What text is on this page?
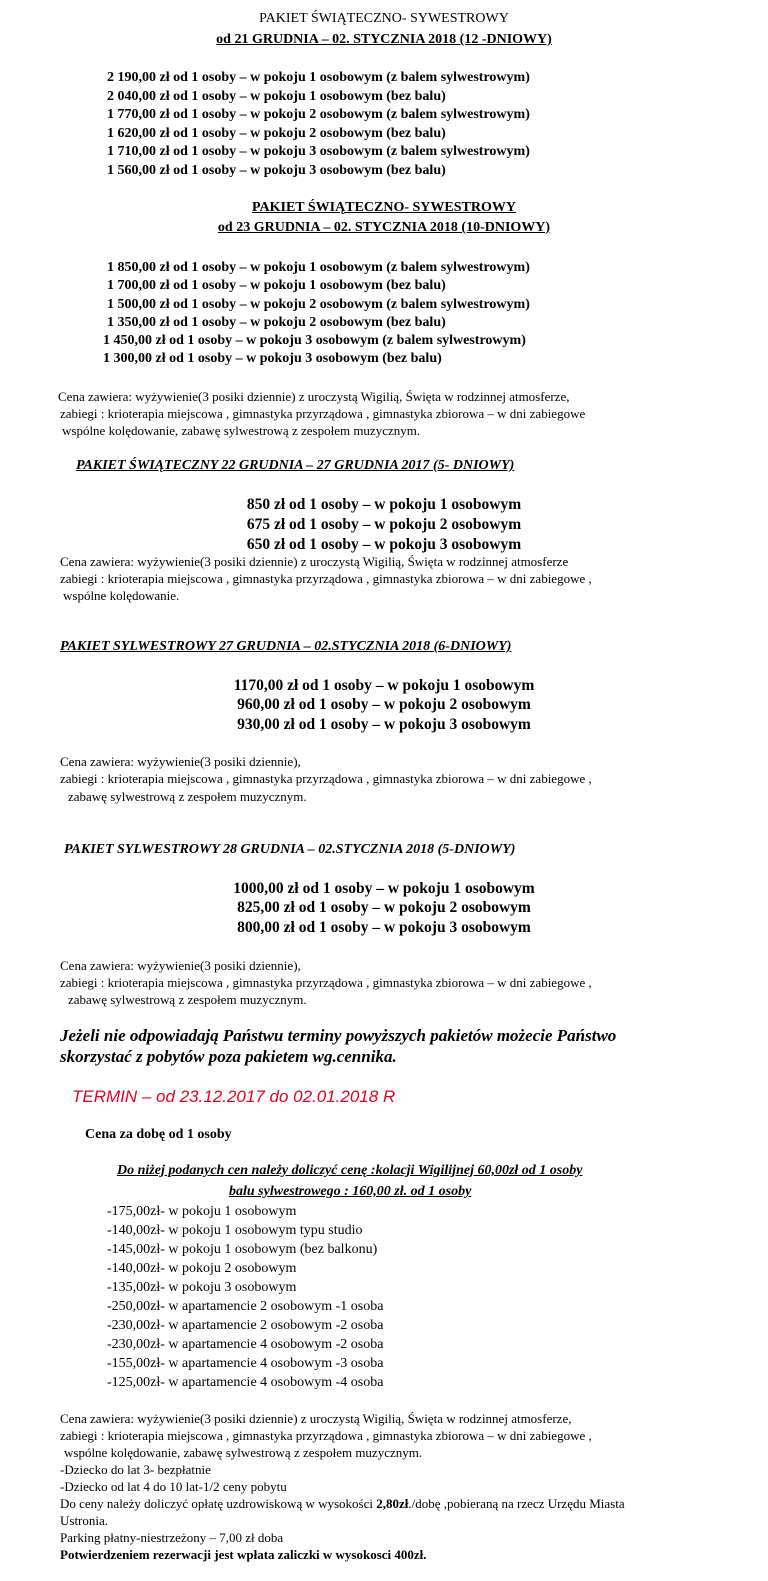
PAKIET ŚWIĄTECZNO- SYWESTROWY
od 21 GRUDNIA – 02. STYCZNIA 2018 (12 -DNIOWY)
2 190,00 zł od 1 osoby – w pokoju 1 osobowym (z balem sylwestrowym)
2 040,00 zł od 1 osoby – w pokoju 1 osobowym (bez balu)
1 770,00 zł od 1 osoby – w pokoju 2 osobowym (z balem sylwestrowym)
1 620,00 zł od 1 osoby – w pokoju 2 osobowym (bez balu)
1 710,00 zł od 1 osoby – w pokoju 3 osobowym (z balem sylwestrowym)
1 560,00 zł od 1 osoby – w pokoju 3 osobowym (bez balu)
PAKIET ŚWIĄTECZNO- SYWESTROWY
od 23 GRUDNIA – 02. STYCZNIA 2018 (10-DNIOWY)
1 850,00 zł od 1 osoby – w pokoju 1 osobowym (z balem sylwestrowym)
1 700,00 zł od 1 osoby – w pokoju 1 osobowym (bez balu)
1 500,00 zł od 1 osoby – w pokoju 2 osobowym (z balem sylwestrowym)
1 350,00 zł od 1 osoby – w pokoju 2 osobowym (bez balu)
1 450,00 zł od 1 osoby – w pokoju 3 osobowym (z balem sylwestrowym)
1 300,00 zł od 1 osoby – w pokoju 3 osobowym (bez balu)
Cena zawiera: wyżywienie(3 posiki dziennie) z uroczystą Wigilią, Święta w rodzinnej atmosferze,
zabiegi : krioterapia miejscowa , gimnastyka przyrządowa , gimnastyka zbiorowa – w dni zabiegowe
wspólne kolędowanie, zabawę sylwestrową z zespołem muzycznym.
PAKIET ŚWIĄTECZNY 22 GRUDNIA – 27 GRUDNIA 2017 (5- DNIOWY)
850 zł od 1 osoby – w pokoju 1 osobowym
675 zł od 1 osoby – w pokoju 2 osobowym
650 zł od 1 osoby – w pokoju 3 osobowym
Cena zawiera: wyżywienie(3 posiki dziennie) z uroczystą Wigilią, Święta w rodzinnej atmosferze
zabiegi : krioterapia miejscowa , gimnastyka przyrządowa , gimnastyka zbiorowa – w dni zabiegowe ,
wspólne kolędowanie.
PAKIET SYLWESTROWY 27 GRUDNIA – 02.STYCZNIA 2018 (6-DNIOWY)
1170,00 zł od 1 osoby – w pokoju 1 osobowym
960,00 zł od 1 osoby – w pokoju 2 osobowym
930,00 zł od 1 osoby – w pokoju 3 osobowym
Cena zawiera: wyżywienie(3 posiki dziennie),
zabiegi : krioterapia miejscowa , gimnastyka przyrządowa , gimnastyka zbiorowa – w dni zabiegowe ,
zabawę sylwestrową z zespołem muzycznym.
PAKIET SYLWESTROWY 28 GRUDNIA – 02.STYCZNIA 2018 (5-DNIOWY)
1000,00 zł od 1 osoby – w pokoju 1 osobowym
825,00 zł od 1 osoby – w pokoju 2 osobowym
800,00 zł od 1 osoby – w pokoju 3 osobowym
Cena zawiera: wyżywienie(3 posiki dziennie),
zabiegi : krioterapia miejscowa , gimnastyka przyrządowa , gimnastyka zbiorowa – w dni zabiegowe ,
zabawę sylwestrową z zespołem muzycznym.
Jeżeli nie odpowiadają Państwu terminy powyższych pakietów możecie Państwo
skorzystać z pobytów poza pakietem wg.cennika.
TERMIN – od 23.12.2017 do 02.01.2018 R
Cena za dobę od 1 osoby
Do niżej podanych cen należy doliczyć cenę :kolacji Wigilijnej 60,00zł od 1 osoby
balu sylwestrowego : 160,00 zł. od 1 osoby
-175,00zł- w pokoju 1 osobowym
-140,00zł- w pokoju 1 osobowym typu studio
-145,00zł- w pokoju 1 osobowym (bez balkonu)
-140,00zł- w pokoju 2 osobowym
-135,00zł- w pokoju 3 osobowym
-250,00zł- w apartamencie 2 osobowym -1 osoba
-230,00zł- w apartamencie 2 osobowym -2 osoba
-230,00zł- w apartamencie 4 osobowym -2 osoba
-155,00zł- w apartamencie 4 osobowym -3 osoba
-125,00zł- w apartamencie 4 osobowym -4 osoba
Cena zawiera: wyżywienie(3 posiki dziennie) z uroczystą Wigilią, Święta w rodzinnej atmosferze,
zabiegi : krioterapia miejscowa , gimnastyka przyrządowa , gimnastyka zbiorowa – w dni zabiegowe ,
wspólne kolędowanie, zabawę sylwestrową z zespołem muzycznym.
-Dziecko do lat 3- bezpłatnie
-Dziecko od lat 4 do 10 lat-1/2 ceny pobytu
Do ceny należy doliczyć opłatę uzdrowiskową w wysokości 2,80zł./dobę ,pobieraną na rzecz Urzędu Miasta
Ustronia.
Parking płatny-niestrzeżony – 7,00 zł doba
Potwierdzeniem rezerwacji jest wpłata zaliczki w wysokosci 400zł.
